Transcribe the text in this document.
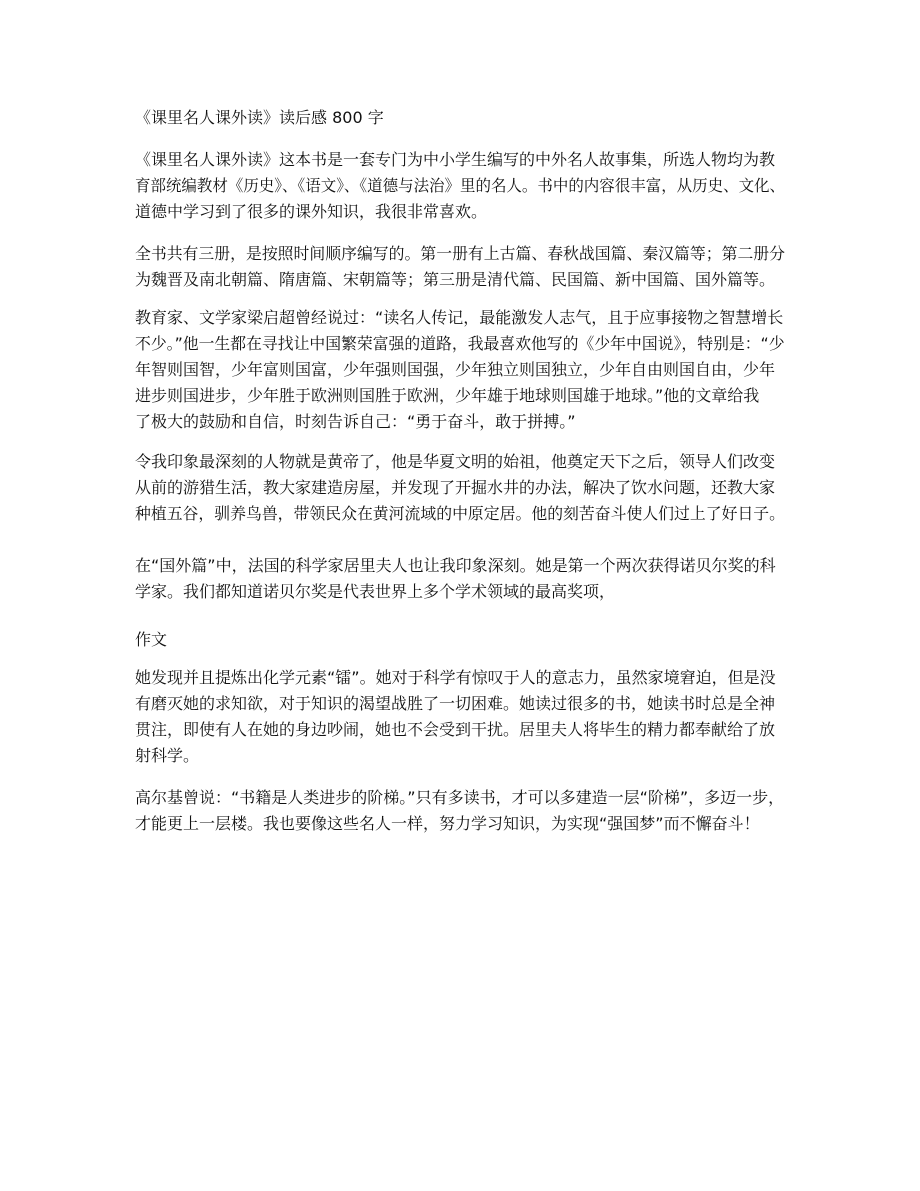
《课里名人课外读》读后感 800 字
《课里名人课外读》这本书是一套专门为中小学生编写的中外名人故事集，所选人物均为教
育部统编教材《历史》、《语文》、《道德与法治》里的名人。书中的内容很丰富，从历史、文化、
道德中学习到了很多的课外知识，我很非常喜欢。
全书共有三册，是按照时间顺序编写的。第一册有上古篇、春秋战国篇、秦汉篇等；第二册分
为魏晋及南北朝篇、隋唐篇、宋朝篇等；第三册是清代篇、民国篇、新中国篇、国外篇等。
教育家、文学家梁启超曾经说过：“读名人传记，最能激发人志气，且于应事接物之智慧增长
不少。”他一生都在寻找让中国繁荣富强的道路，我最喜欢他写的《少年中国说》，特别是：“少
年智则国智，少年富则国富，少年强则国强，少年独立则国独立，少年自由则国自由，少年
进步则国进步，少年胜于欧洲则国胜于欧洲，少年雄于地球则国雄于地球。”他的文章给我
了极大的鼓励和自信，时刻告诉自己：“勇于奋斗，敢于拼搏。”
令我印象最深刻的人物就是黄帝了，他是华夏文明的始祖，他奠定天下之后，领导人们改变
从前的游猎生活，教大家建造房屋，并发现了开掘水井的办法，解决了饮水问题，还教大家
种植五谷，驯养鸟兽，带领民众在黄河流域的中原定居。他的刻苦奋斗使人们过上了好日子。
在“国外篇”中，法国的科学家居里夫人也让我印象深刻。她是第一个两次获得诺贝尔奖的科
学家。我们都知道诺贝尔奖是代表世界上多个学术领域的最高奖项，
作文
她发现并且提炼出化学元素“镭”。她对于科学有惊叹于人的意志力，虽然家境窘迫，但是没
有磨灭她的求知欲，对于知识的渴望战胜了一切困难。她读过很多的书，她读书时总是全神
贯注，即使有人在她的身边吵闹，她也不会受到干扰。居里夫人将毕生的精力都奉献给了放
射科学。
高尔基曾说：“书籍是人类进步的阶梯。”只有多读书，才可以多建造一层“阶梯”，多迈一步，
才能更上一层楼。我也要像这些名人一样，努力学习知识，为实现“强国梦”而不懈奋斗！
